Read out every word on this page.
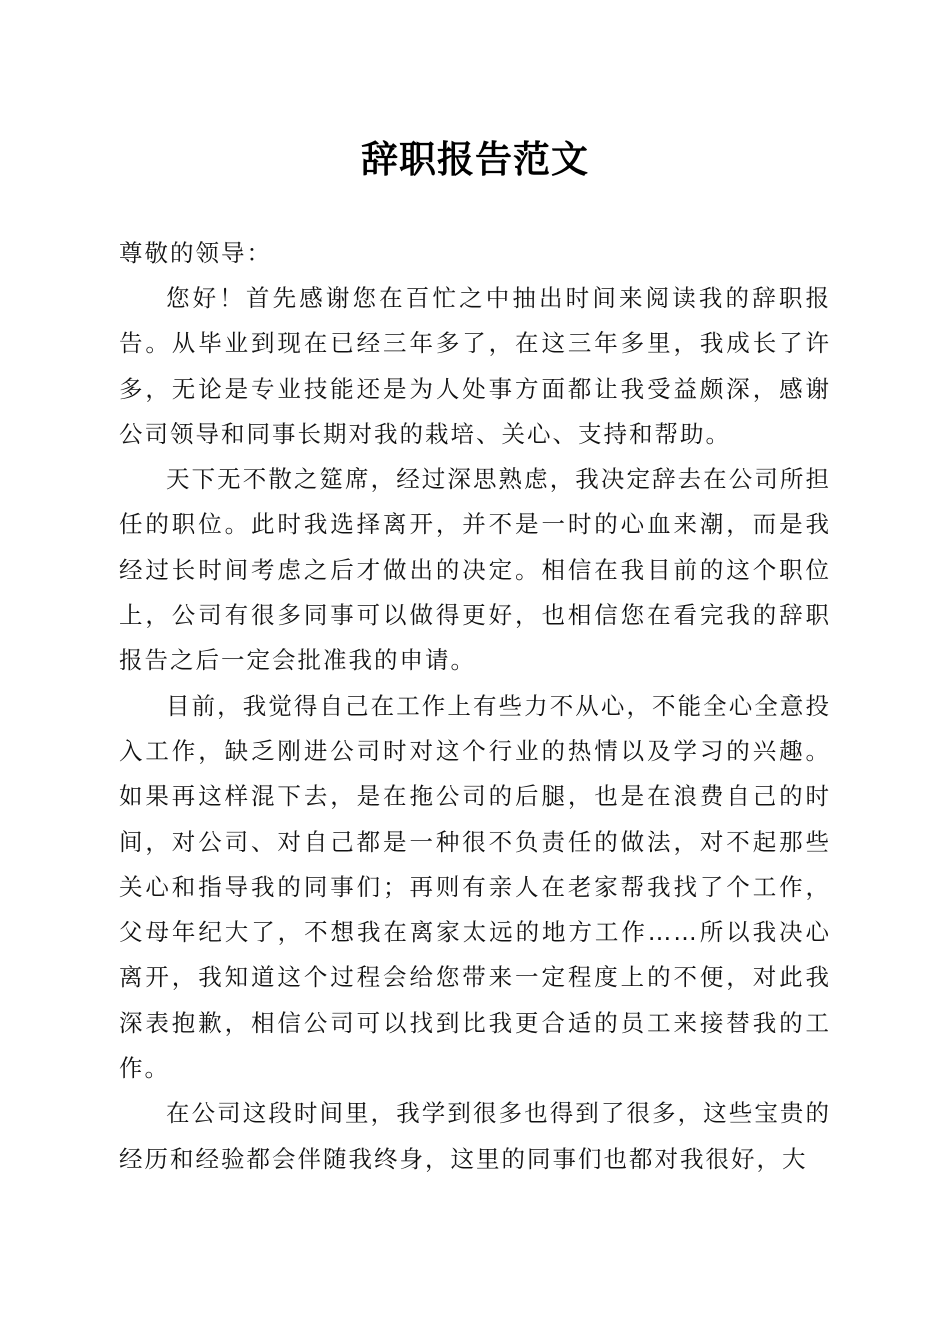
辞职报告范文
尊敬的领导：

您好！首先感谢您在百忙之中抽出时间来阅读我的辞职报告。从毕业到现在已经三年多了，在这三年多里，我成长了许多，无论是专业技能还是为人处事方面都让我受益颇深，感谢公司领导和同事长期对我的栽培、关心、支持和帮助。

天下无不散之筵席，经过深思熟虑，我决定辞去在公司所担任的职位。此时我选择离开，并不是一时的心血来潮，而是我经过长时间考虑之后才做出的决定。相信在我目前的这个职位上，公司有很多同事可以做得更好，也相信您在看完我的辞职报告之后一定会批准我的申请。

目前，我觉得自己在工作上有些力不从心，不能全心全意投入工作，缺乏刚进公司时对这个行业的热情以及学习的兴趣。如果再这样混下去，是在拖公司的后腿，也是在浪费自己的时间，对公司、对自己都是一种很不负责任的做法，对不起那些关心和指导我的同事们；再则有亲人在老家帮我找了个工作，父母年纪大了，不想我在离家太远的地方工作……所以我决心离开，我知道这个过程会给您带来一定程度上的不便，对此我深表抱歉，相信公司可以找到比我更合适的员工来接替我的工作。

在公司这段时间里，我学到很多也得到了很多，这些宝贵的经历和经验都会伴随我终身，这里的同事们也都对我很好，大
